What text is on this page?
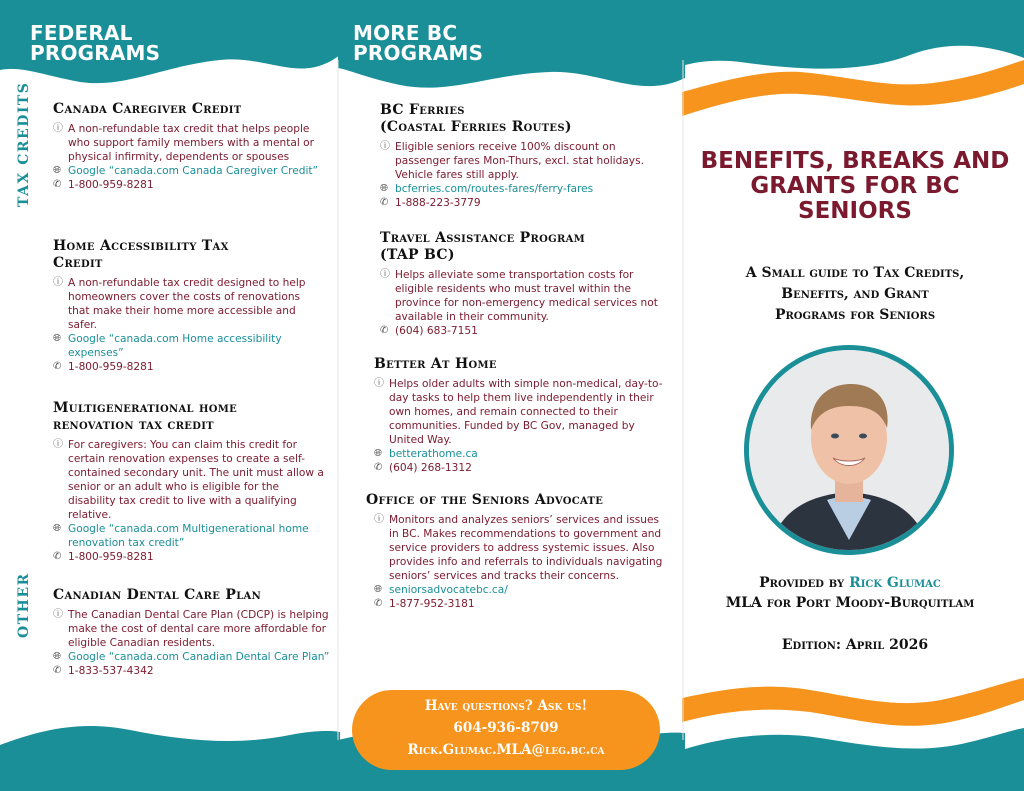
FEDERAL
PROGRAMS
TAX CREDITS
OTHER
Canada Caregiver Credit
ⓘ A non-refundable tax credit that helps people who support family members with a mental or physical infirmity, dependents or spouses
🌐︎ Google “canada.com Canada Caregiver Credit”
✆ 1-800-959-8281
Home Accessibility Tax Credit
ⓘ A non-refundable tax credit designed to help homeowners cover the costs of renovations that make their home more accessible and safer.
🌐︎ Google “canada.com Home accessibility expenses”
✆ 1-800-959-8281
Multigenerational home renovation tax credit
ⓘ For caregivers: You can claim this credit for certain renovation expenses to create a self-contained secondary unit. The unit must allow a senior or an adult who is eligible for the disability tax credit to live with a qualifying relative.
🌐︎ Google “canada.com Multigenerational home renovation tax credit”
✆ 1-800-959-8281
Canadian Dental Care Plan
ⓘ The Canadian Dental Care Plan (CDCP) is helping make the cost of dental care more affordable for eligible Canadian residents.
🌐︎ Google “canada.com Canadian Dental Care Plan”
✆ 1-833-537-4342
MORE BC
PROGRAMS
BC Ferries
(Coastal Ferries Routes)
ⓘ Eligible seniors receive 100% discount on passenger fares Mon-Thurs, excl. stat holidays. Vehicle fares still apply.
🌐︎ bcferries.com/routes-fares/ferry-fares
✆ 1-888-223-3779
Travel Assistance Program
(TAP BC)
ⓘ Helps alleviate some transportation costs for eligible residents who must travel within the province for non-emergency medical services not available in their community.
✆ (604) 683-7151
Better At Home
ⓘ Helps older adults with simple non-medical, day-to-day tasks to help them live independently in their own homes, and remain connected to their communities. Funded by BC Gov, managed by United Way.
🌐︎ betterathome.ca
✆ (604) 268-1312
Office of the Seniors Advocate
ⓘ Monitors and analyzes seniors’ services and issues in BC. Makes recommendations to government and service providers to address systemic issues. Also provides info and referrals to individuals navigating seniors’ services and tracks their concerns.
🌐︎ seniorsadvocatebc.ca/
✆ 1-877-952-3181
Have questions? Ask us!
604-936-8709
Rick.Glumac.MLA@leg.bc.ca
BENEFITS, BREAKS AND GRANTS FOR BC SENIORS
A Small guide to Tax Credits,
Benefits, and Grant
Programs for Seniors
Provided by Rick Glumac
MLA for Port Moody-Burquitlam
Edition: April 2026
